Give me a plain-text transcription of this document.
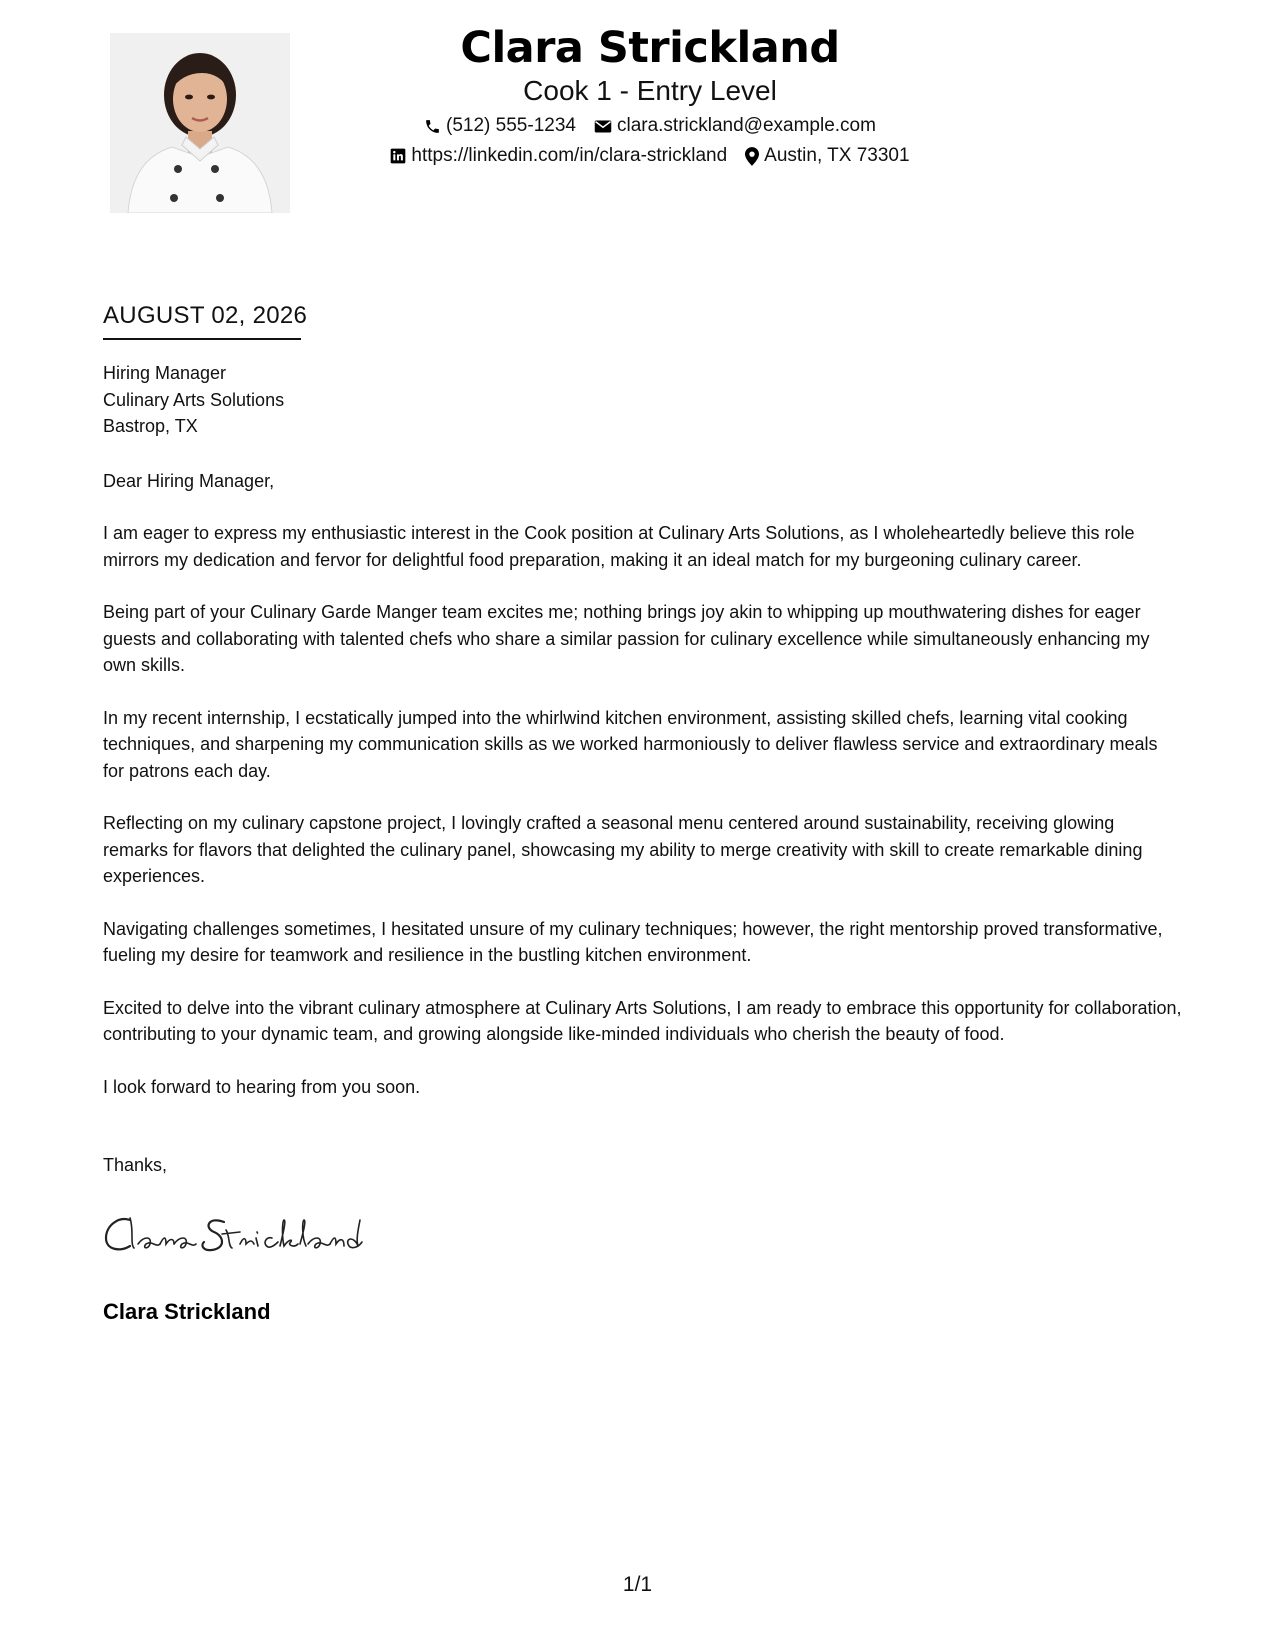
Clara Strickland
Cook 1 - Entry Level
(512) 555-1234 clara.strickland@example.com
https://linkedin.com/in/clara-strickland Austin, TX 73301
AUGUST 02, 2026
Hiring Manager
Culinary Arts Solutions
Bastrop, TX
Dear Hiring Manager,
I am eager to express my enthusiastic interest in the Cook position at Culinary Arts Solutions, as I wholeheartedly believe this role mirrors my dedication and fervor for delightful food preparation, making it an ideal match for my burgeoning culinary career.
Being part of your Culinary Garde Manger team excites me; nothing brings joy akin to whipping up mouthwatering dishes for eager guests and collaborating with talented chefs who share a similar passion for culinary excellence while simultaneously enhancing my own skills.
In my recent internship, I ecstatically jumped into the whirlwind kitchen environment, assisting skilled chefs, learning vital cooking techniques, and sharpening my communication skills as we worked harmoniously to deliver flawless service and extraordinary meals for patrons each day.
Reflecting on my culinary capstone project, I lovingly crafted a seasonal menu centered around sustainability, receiving glowing remarks for flavors that delighted the culinary panel, showcasing my ability to merge creativity with skill to create remarkable dining experiences.
Navigating challenges sometimes, I hesitated unsure of my culinary techniques; however, the right mentorship proved transformative, fueling my desire for teamwork and resilience in the bustling kitchen environment.
Excited to delve into the vibrant culinary atmosphere at Culinary Arts Solutions, I am ready to embrace this opportunity for collaboration, contributing to your dynamic team, and growing alongside like-minded individuals who cherish the beauty of food.
I look forward to hearing from you soon.
Thanks,
Clara Strickland
1/1
